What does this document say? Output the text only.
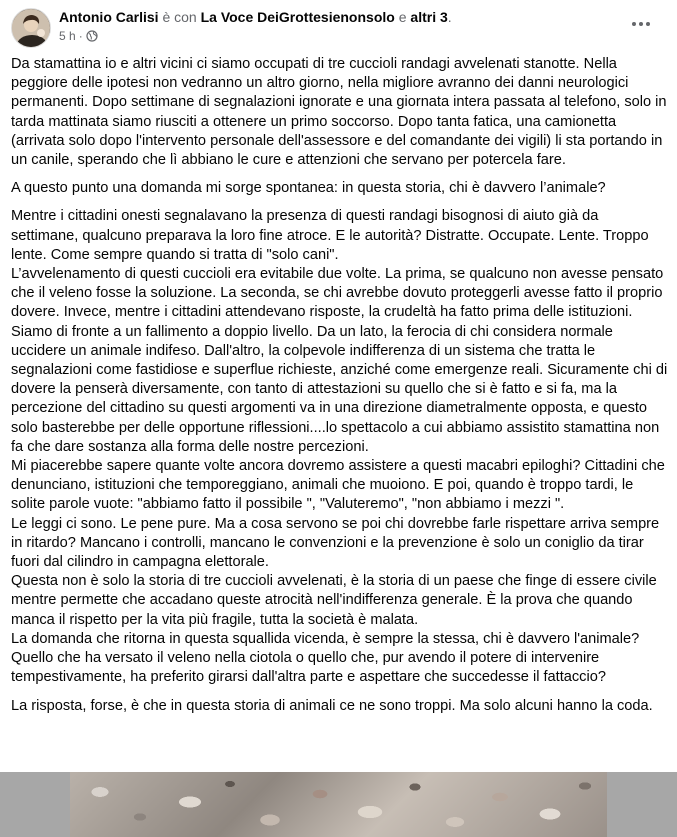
Antonio Carlisi è con La Voce DeiGrottesienonsolo e altri 3.
5 h ·

Da stamattina io e altri vicini ci siamo occupati di tre cuccioli randagi avvelenati stanotte. Nella peggiore delle ipotesi non vedranno un altro giorno, nella migliore avranno dei danni neurologici permanenti. Dopo settimane di segnalazioni ignorate e una giornata intera passata al telefono, solo in tarda mattinata siamo riusciti a ottenere un primo soccorso. Dopo tanta fatica, una camionetta (arrivata solo dopo l'intervento personale dell'assessore e del comandante dei vigili) li sta portando in un canile, sperando che lì abbiano le cure e attenzioni che servano per potercela fare.

A questo punto una domanda mi sorge spontanea: in questa storia, chi è davvero l’animale?

Mentre i cittadini onesti segnalavano la presenza di questi randagi bisognosi di aiuto già da settimane, qualcuno preparava la loro fine atroce. E le autorità? Distratte. Occupate. Lente. Troppo lente. Come sempre quando si tratta di "solo cani".

L’avvelenamento di questi cuccioli era evitabile due volte. La prima, se qualcuno non avesse pensato che il veleno fosse la soluzione. La seconda, se chi avrebbe dovuto proteggerli avesse fatto il proprio dovere. Invece, mentre i cittadini attendevano risposte, la crudeltà ha fatto prima delle istituzioni.

Siamo di fronte a un fallimento a doppio livello. Da un lato, la ferocia di chi considera normale uccidere un animale indifeso. Dall'altro, la colpevole indifferenza di un sistema che tratta le segnalazioni come fastidiose e superflue richieste, anziché come emergenze reali. Sicuramente chi di dovere la penserà diversamente, con tanto di attestazioni su quello che si è fatto e si fa, ma la percezione del cittadino su questi argomenti va in una direzione diametralmente opposta, e questo solo basterebbe per delle opportune riflessioni....lo spettacolo a cui abbiamo assistito stamattina non fa che dare sostanza alla forma delle nostre percezioni.

Mi piacerebbe sapere quante volte ancora dovremo assistere a questi macabri epiloghi? Cittadini che denunciano, istituzioni che temporeggiano, animali che muoiono. E poi, quando è troppo tardi, le solite parole vuote: "abbiamo fatto il possibile ", "Valuteremo", "non abbiamo i mezzi ".

Le leggi ci sono. Le pene pure. Ma a cosa servono se poi chi dovrebbe farle rispettare arriva sempre in ritardo? Mancano i controlli, mancano le convenzioni e la prevenzione è solo un coniglio da tirar fuori dal cilindro in campagna elettorale.

Questa non è solo la storia di tre cuccioli avvelenati, è la storia di un paese che finge di essere civile mentre permette che accadano queste atrocità nell'indifferenza generale. È la prova che quando manca il rispetto per la vita più fragile, tutta la società è malata.

La domanda che ritorna in questa squallida vicenda, è sempre la stessa, chi è davvero l'animale? Quello che ha versato il veleno nella ciotola o quello che, pur avendo il potere di intervenire tempestivamente, ha preferito girarsi dall'altra parte e aspettare che succedesse il fattaccio?

La risposta, forse, è che in questa storia di animali ce ne sono troppi. Ma solo alcuni hanno la coda.
